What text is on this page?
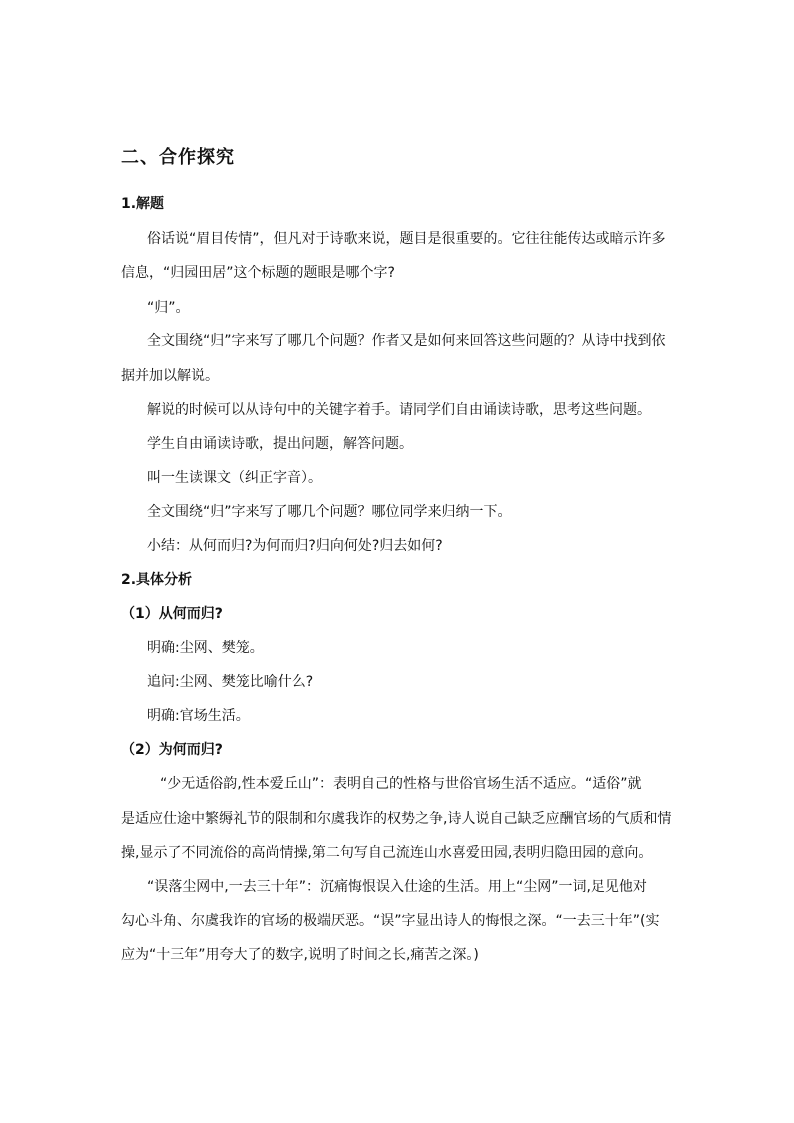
二、合作探究
1.解题
俗话说“眉目传情”，但凡对于诗歌来说，题目是很重要的。它往往能传达或暗示许多
信息，“归园田居”这个标题的题眼是哪个字?
“归”。
全文围绕“归”字来写了哪几个问题？作者又是如何来回答这些问题的？从诗中找到依
据并加以解说。
解说的时候可以从诗句中的关键字着手。请同学们自由诵读诗歌，思考这些问题。
学生自由诵读诗歌，提出问题，解答问题。
叫一生读课文（纠正字音）。
全文围绕“归”字来写了哪几个问题？哪位同学来归纳一下。
小结：从何而归?为何而归?归向何处?归去如何?
2.具体分析
（1）从何而归?
明确:尘网、樊笼。
追问:尘网、樊笼比喻什么?
明确:官场生活。
（2）为何而归?
“少无适俗韵,性本爱丘山”：表明自己的性格与世俗官场生活不适应。“适俗”就
是适应仕途中繁缛礼节的限制和尔虞我诈的权势之争,诗人说自己缺乏应酬官场的气质和情
操,显示了不同流俗的高尚情操,第二句写自己流连山水喜爱田园,表明归隐田园的意向。
“误落尘网中,一去三十年”：沉痛悔恨误入仕途的生活。用上“尘网”一词,足见他对
勾心斗角、尔虞我诈的官场的极端厌恶。“误”字显出诗人的悔恨之深。“一去三十年”(实
应为“十三年”用夸大了的数字,说明了时间之长,痛苦之深。)
